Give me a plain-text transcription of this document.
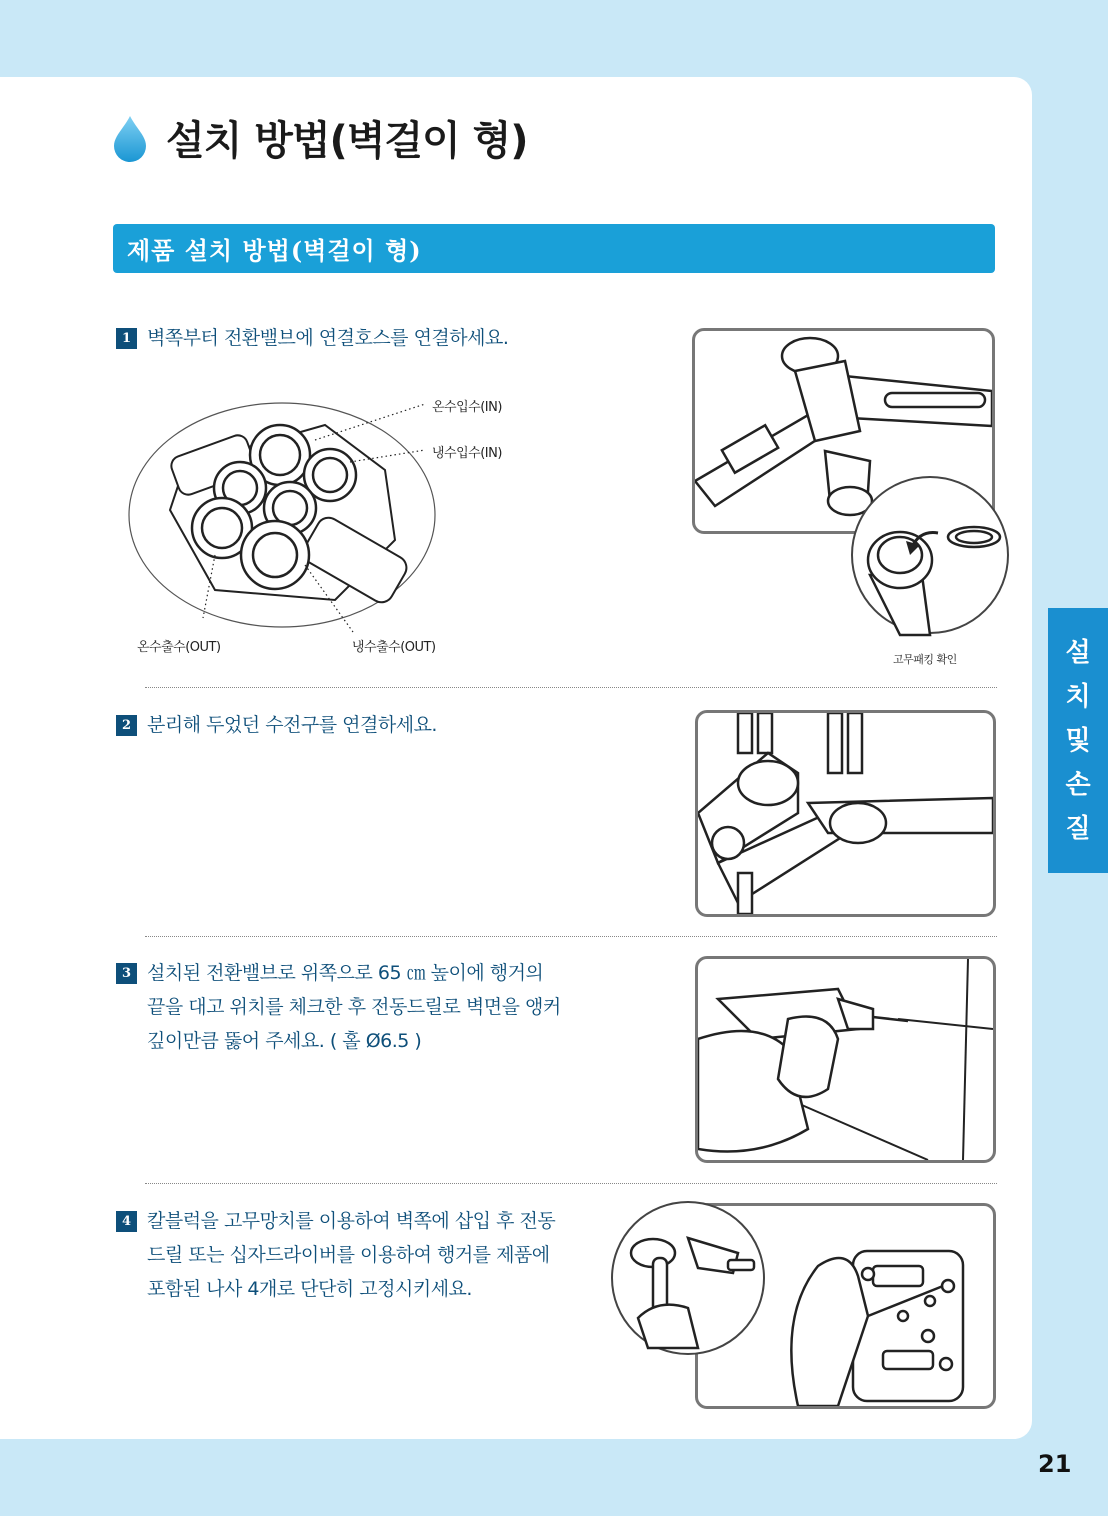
설치 방법(벽걸이 형)
제품 설치 방법(벽걸이 형)
1 벽쪽부터 전환밸브에 연결호스를 연결하세요.
온수입수(IN)
냉수입수(IN)
온수출수(OUT)	냉수출수(OUT)
고무패킹 확인
2 분리해 두었던 수전구를 연결하세요.
3 설치된 전환밸브로 위쪽으로 65 ㎝ 높이에 행거의
끝을 대고 위치를 체크한 후 전동드릴로 벽면을 앵커
깊이만큼 뚫어 주세요. ( 홀 Ø6.5 )
4 칼블럭을 고무망치를 이용하여 벽쪽에 삽입 후 전동
드릴 또는 십자드라이버를 이용하여 행거를 제품에
포함된 나사 4개로 단단히 고정시키세요.
설
치
및
손
질
21
